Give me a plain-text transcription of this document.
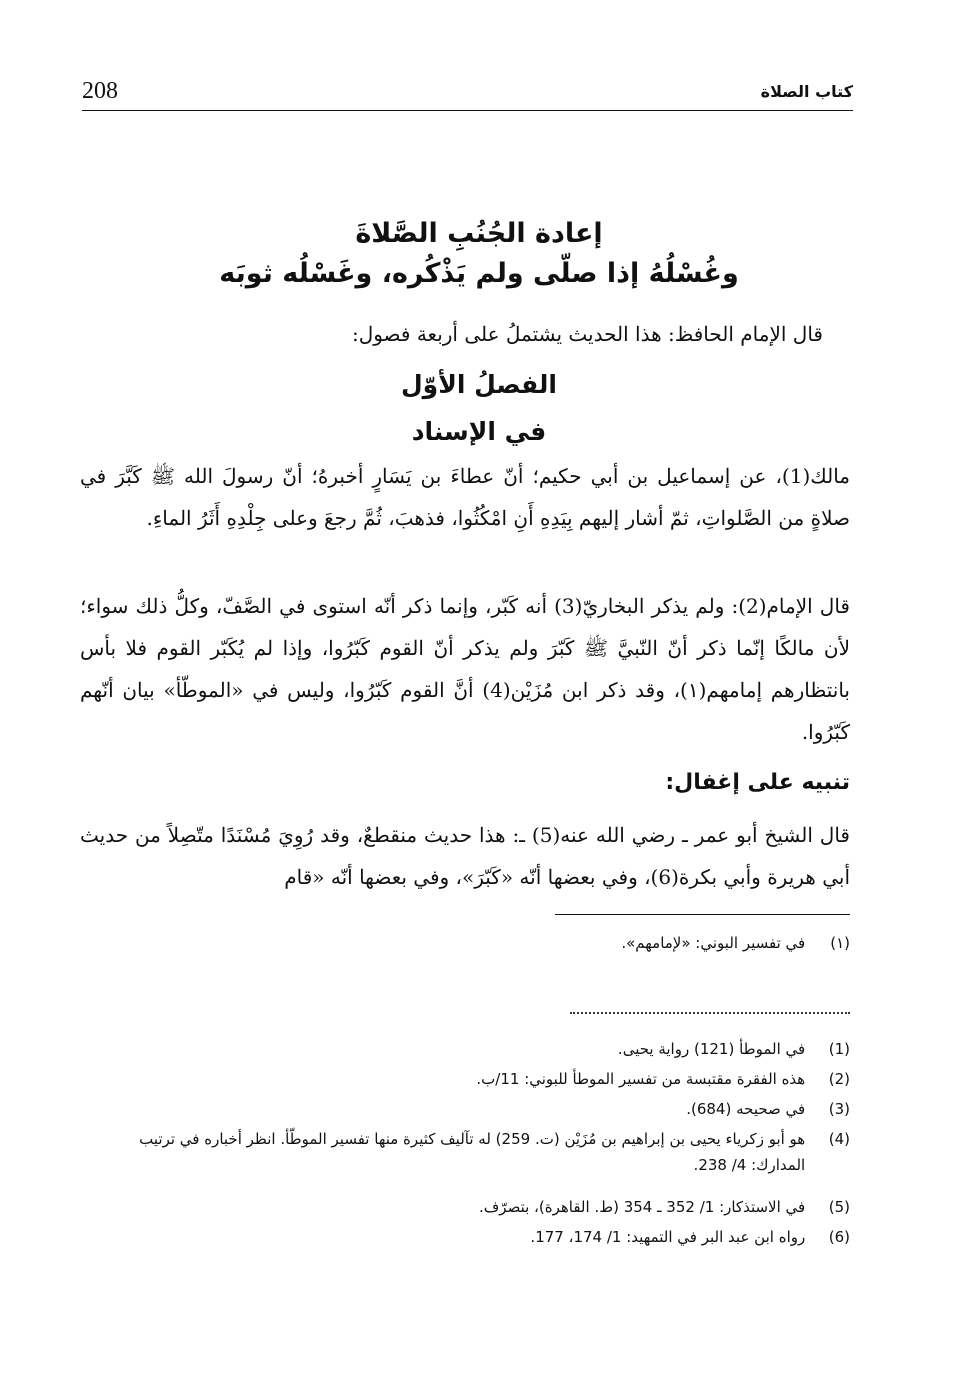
208	كتاب الصلاة
إعادة الجُنُبِ الصَّلاةَ
وغُسْلُهُ إذا صلّى ولم يَذْكُره، وغَسْلُه ثوبَه
قال الإمام الحافظ: هذا الحديث يشتملُ على أربعة فصول:
الفصلُ الأوّل
في الإسناد
مالك(1)، عن إسماعيل بن أبي حكيم؛ أنّ عطاءَ بن يَسَارٍ أخبرهُ؛ أنّ رسولَ الله ﷺ كَبَّرَ في صلاةٍ من الصَّلواتِ، ثمّ أشار إليهم بِيَدِهِ أَنِ امْكُثُوا، فذهبَ، ثُمَّ رجعَ وعلى جِلْدِهِ أَثَرُ الماءِ.
قال الإمام(2): ولم يذكر البخاريّ(3) أنه كَبّر، وإنما ذكر أنّه استوى في الصَّفّ، وكلُّ ذلك سواء؛ لأن مالكًا إنّما ذكر أنّ النّبيَّ ﷺ كَبّرَ ولم يذكر أنّ القوم كَبّرُوا، وإذا لم يُكَبّر القوم فلا بأس بانتظارهم إمامهم(١)، وقد ذكر ابن مُزَيْن(4) أنَّ القوم كَبّرُوا، وليس في «الموطّأ» بيان أنّهم كَبّرُوا.
تنبيه على إغفال:
قال الشيخ أبو عمر ـ رضي الله عنه(5) ـ: هذا حديث منقطعٌ، وقد رُوِيَ مُسْنَدًا متّصِلاً من حديث أبي هريرة وأبي بكرة(6)، وفي بعضها أنّه «كَبّرَ»، وفي بعضها أنّه «قام
(١) في تفسير البوني: «لإمامهم».
(1) في الموطأ (121) رواية يحيى.
(2) هذه الفقرة مقتبسة من تفسير الموطأ للبوني: 11/ب.
(3) في صحيحه (684).
(4) هو أبو زكرياء يحيى بن إبراهيم بن مُزَيْن (ت. 259) له تآليف كثيرة منها تفسير الموطّأ. انظر أخباره في ترتيب المدارك: 4/ 238.
(5) في الاستذكار: 1/ 352 ـ 354 (ط. القاهرة)، بتصرّف.
(6) رواه ابن عبد البر في التمهيد: 1/ 174، 177.
